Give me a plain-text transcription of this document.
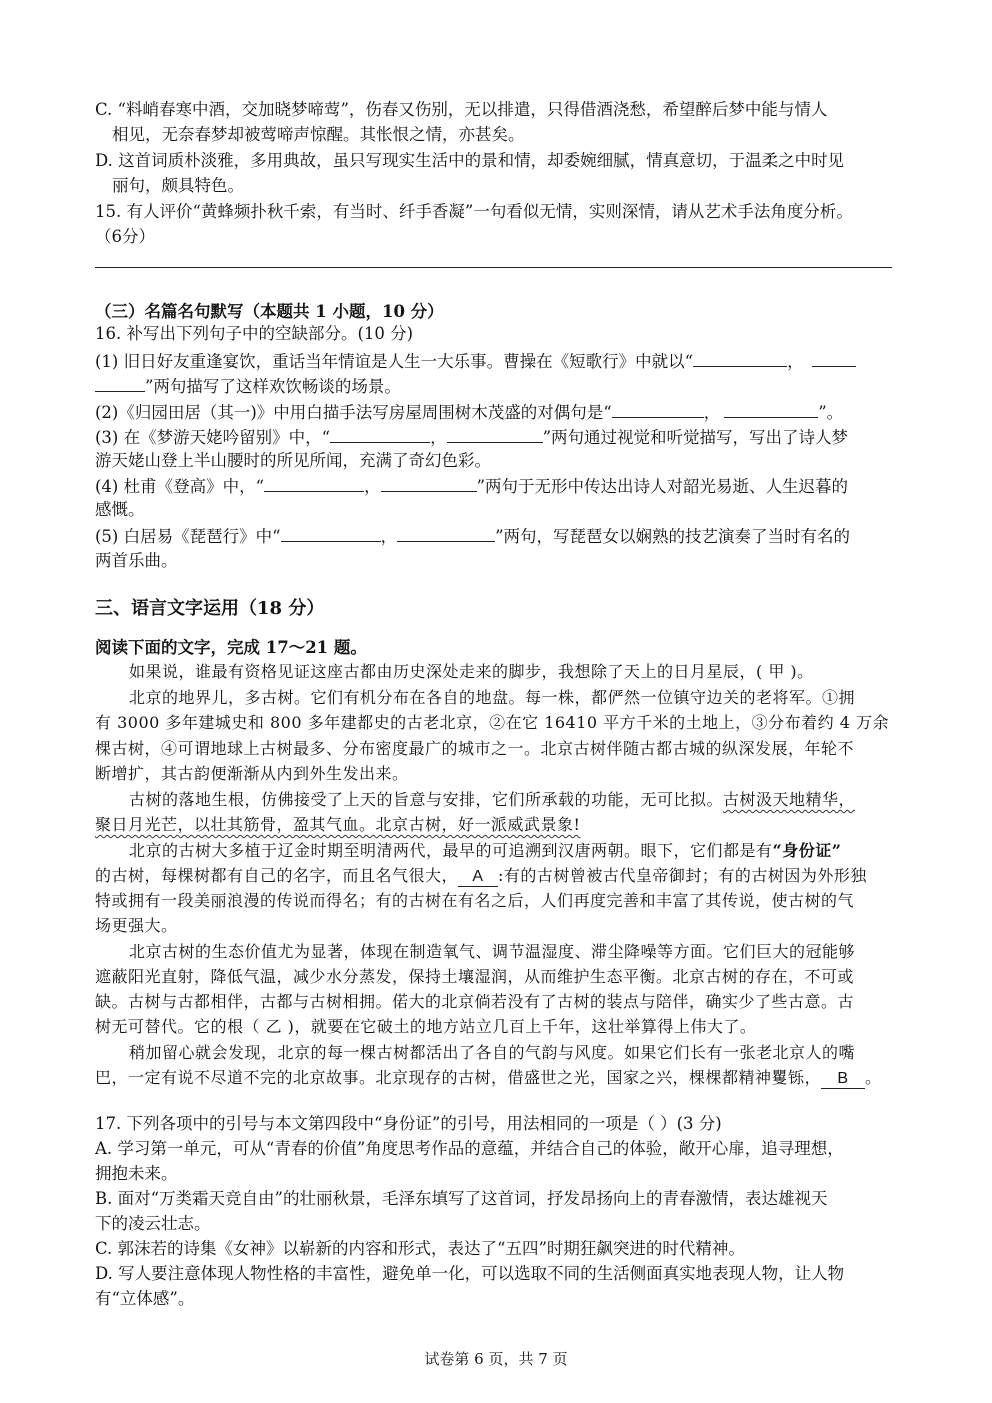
C. “料峭春寒中酒，交加晓梦啼莺”，伤春又伤别，无以排遣，只得借酒浇愁，希望醉后梦中能与情人
相见，无奈春梦却被莺啼声惊醒。其怅恨之情，亦甚矣。
D. 这首词质朴淡雅，多用典故，虽只写现实生活中的景和情，却委婉细腻，情真意切，于温柔之中时见
丽句，颇具特色。
15. 有人评价“黄蜂频扑秋千索，有当时、纤手香凝”一句看似无情，实则深情，请从艺术手法角度分析。
（6分）
（三）名篇名句默写（本题共 1 小题，10 分）
16. 补写出下列句子中的空缺部分。(10 分)
(1) 旧日好友重逢宴饮，重话当年情谊是人生一大乐事。曹操在《短歌行》中就以“	，
”两句描写了这样欢饮畅谈的场景。
(2)《归园田居（其一)》中用白描手法写房屋周围树木茂盛的对偶句是“	，	”。
(3) 在《梦游天姥吟留别》中，“	，	”两句通过视觉和听觉描写，写出了诗人梦
游天姥山登上半山腰时的所见所闻，充满了奇幻色彩。
(4) 杜甫《登高》中，“	，	”两句于无形中传达出诗人对韶光易逝、人生迟暮的
感慨。
(5) 白居易《琵琶行》中“	，	”两句，写琵琶女以娴熟的技艺演奏了当时有名的
两首乐曲。
三、语言文字运用（18 分）
阅读下面的文字，完成 17～21 题。
如果说，谁最有资格见证这座古都由历史深处走来的脚步，我想除了天上的日月星辰，( 甲 )。
北京的地界儿，多古树。它们有机分布在各自的地盘。每一株，都俨然一位镇守边关的老将军。①拥
有 3000 多年建城史和 800 多年建都史的古老北京，②在它 16410 平方千米的土地上，③分布着约 4 万余
棵古树，④可谓地球上古树最多、分布密度最广的城市之一。北京古树伴随古都古城的纵深发展，年轮不
断增扩，其古韵便渐渐从内到外生发出来。
古树的落地生根，仿佛接受了上天的旨意与安排，它们所承载的功能，无可比拟。古树汲天地精华，
聚日月光芒，以壮其筋骨，盈其气血。北京古树，好一派威武景象!
北京的古树大多植于辽金时期至明清两代，最早的可追溯到汉唐两朝。眼下，它们都是有“身份证”
的古树，每棵树都有自己的名字，而且名气很大， A :有的古树曾被古代皇帝御封；有的古树因为外形独
特或拥有一段美丽浪漫的传说而得名；有的古树在有名之后，人们再度完善和丰富了其传说，使古树的气
场更强大。
北京古树的生态价值尤为显著，体现在制造氧气、调节温湿度、滞尘降噪等方面。它们巨大的冠能够
遮蔽阳光直射，降低气温，减少水分蒸发，保持土壤湿润，从而维护生态平衡。北京古树的存在，不可或
缺。古树与古都相伴，古都与古树相拥。偌大的北京倘若没有了古树的装点与陪伴，确实少了些古意。古
树无可替代。它的根（ 乙 )，就要在它破土的地方站立几百上千年，这壮举算得上伟大了。
稍加留心就会发现，北京的每一棵古树都活出了各自的气韵与风度。如果它们长有一张老北京人的嘴
巴，一定有说不尽道不完的北京故事。北京现存的古树，借盛世之光，国家之兴，棵棵都精神矍铄， B 。
17. 下列各项中的引号与本文第四段中“身份证”的引号，用法相同的一项是（ ）(3 分)
A. 学习第一单元，可从“青春的价值”角度思考作品的意蕴，并结合自己的体验，敞开心扉，追寻理想，
拥抱未来。
B. 面对“万类霜天竞自由”的壮丽秋景，毛泽东填写了这首词，抒发昂扬向上的青春激情，表达雄视天
下的凌云壮志。
C. 郭沫若的诗集《女神》以崭新的内容和形式，表达了“五四”时期狂飙突进的时代精神。
D. 写人要注意体现人物性格的丰富性，避免单一化，可以选取不同的生活侧面真实地表现人物，让人物
有“立体感”。
试卷第 6 页，共 7 页
